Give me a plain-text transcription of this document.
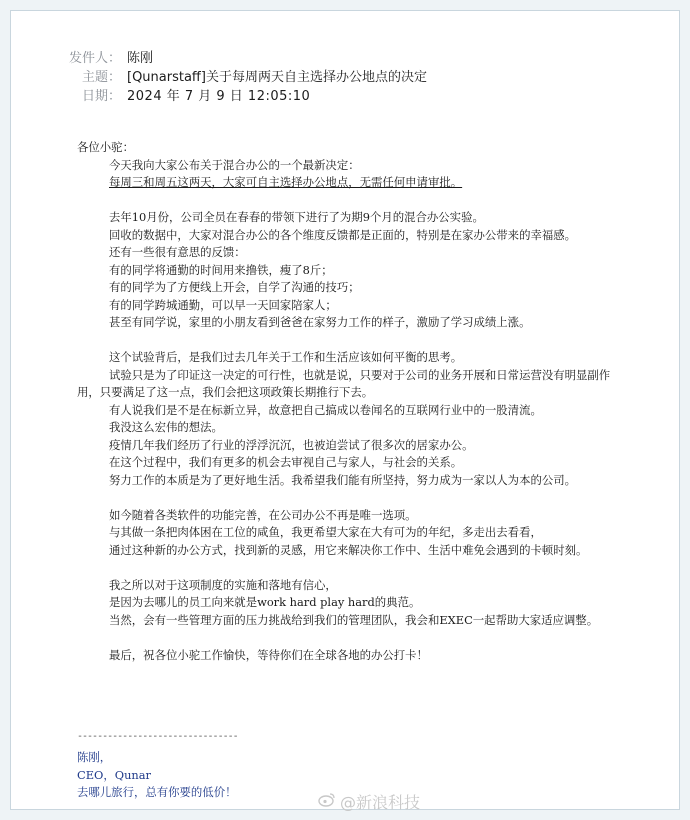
发件人： 陈刚
主题： [Qunarstaff]关于每周两天自主选择办公地点的决定
日期： 2024 年 7 月 9 日 12:05:10

各位小驼：

今天我向大家公布关于混合办公的一个最新决定：

每周三和周五这两天，大家可自主选择办公地点，无需任何申请审批。

去年10月份，公司全员在春春的带领下进行了为期9个月的混合办公实验。

回收的数据中，大家对混合办公的各个维度反馈都是正面的，特别是在家办公带来的幸福感。

还有一些很有意思的反馈：

有的同学将通勤的时间用来撸铁，瘦了8斤；

有的同学为了方便线上开会，自学了沟通的技巧；

有的同学跨城通勤，可以早一天回家陪家人；

甚至有同学说，家里的小朋友看到爸爸在家努力工作的样子，激励了学习成绩上涨。

这个试验背后，是我们过去几年关于工作和生活应该如何平衡的思考。

试验只是为了印证这一决定的可行性，也就是说，只要对于公司的业务开展和日常运营没有明显副作用，只要满足了这一点，我们会把这项政策长期推行下去。

有人说我们是不是在标新立异，故意把自己搞成以卷闻名的互联网行业中的一股清流。

我没这么宏伟的想法。

疫情几年我们经历了行业的浮浮沉沉，也被迫尝试了很多次的居家办公。

在这个过程中，我们有更多的机会去审视自己与家人，与社会的关系。

努力工作的本质是为了更好地生活。我希望我们能有所坚持，努力成为一家以人为本的公司。

如今随着各类软件的功能完善，在公司办公不再是唯一选项。

与其做一条把肉体困在工位的咸鱼，我更希望大家在大有可为的年纪，多走出去看看，

通过这种新的办公方式，找到新的灵感，用它来解决你工作中、生活中难免会遇到的卡顿时刻。

我之所以对于这项制度的实施和落地有信心，

是因为去哪儿的员工向来就是work hard play hard的典范。

当然，会有一些管理方面的压力挑战给到我们的管理团队，我会和EXEC一起帮助大家适应调整。

最后，祝各位小驼工作愉快，等待你们在全球各地的办公打卡！

--------------------------------
陈刚，
CEO，Qunar
去哪儿旅行，总有你要的低价！
@新浪科技
